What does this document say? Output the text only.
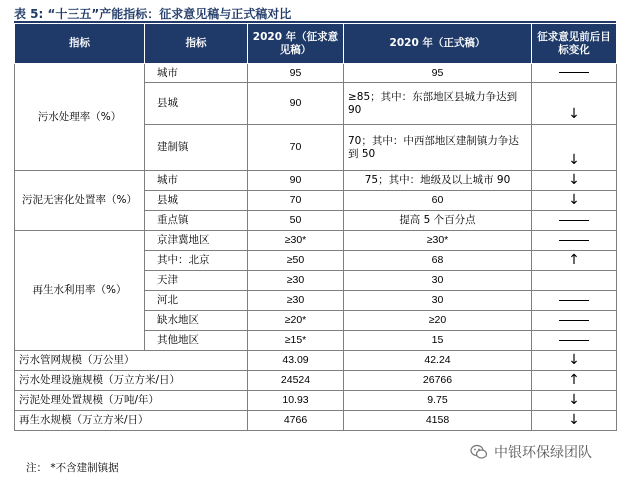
表 5: “十三五”产能指标：征求意见稿与正式稿对比
指标	指标	2020 年（征求意见稿）	2020 年（正式稿）	征求意见前后目标变化
污水处理率（%）	城市	95	95	
	县城	90	≥85；其中：东部地区县城力争达到 90	↓
	建制镇	70	70；其中：中西部地区建制镇力争达到 50	↓
污泥无害化处置率（%）	城市	90	75；其中：地级及以上城市 90	↓
	县城	70	60	↓
	重点镇	50	提高 5 个百分点	
再生水利用率（%）	京津冀地区	≥30*	≥30*	
	其中：北京	≥50	68	↑
	天津	≥30	30	
	河北	≥30	30	
	缺水地区	≥20*	≥20	
	其他地区	≥15*	15	
污水管网规模（万公里）		43.09	42.24	↓
污水处理设施规模（万立方米/日）		24524	26766	↑
污泥处理处置规模（万吨/年）		10.93	9.75	↓
再生水规模（万立方米/日）		4766	4158	↓
注： *不含建制镇据
中银环保绿团队
